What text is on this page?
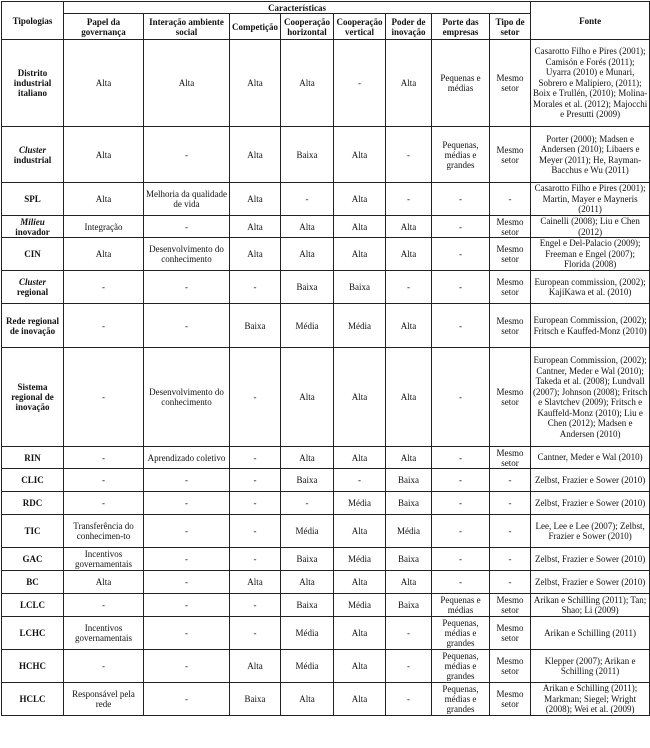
Tipologias	Características								Fonte
	Papel da governança	Interação ambiente social	Competição	Cooperação horizontal	Cooperação vertical	Poder de inovação	Porte das empresas	Tipo de setor	
Distrito industrial italiano	Alta	Alta	Alta	Alta	-	Alta	Pequenas e médias	Mesmo setor	Casarotto Filho e Pires (2001); Camisón e Forés (2011); Uyarra (2010) e Munari, Sobrero e Malipiero, (2011); Boix e Trullén, (2010); Molina-Morales et al. (2012); Majocchi e Presutti (2009)
Cluster
industrial	Alta	-	Alta	Baixa	Alta	-	Pequenas, médias e grandes	Mesmo setor	Porter (2000); Madsen e Andersen (2010); Libaers e Meyer (2011); He, Rayman-Bacchus e Wu (2011)
SPL	Alta	Melhoria da qualidade de vida	Alta	-	Alta	-	-	-	Casarotto Filho e Pires (2001); Martin, Mayer e Mayneris (2011)
Milieu
inovador	Integração	-	Alta	Alta	Alta	Alta	-	Mesmo setor	Cainelli (2008); Liu e Chen (2012)
CIN	Alta	Desenvolvimento do conhecimento	Alta	Alta	Alta	Alta	-	Mesmo setor	Engel e Del-Palacio (2009); Freeman e Engel (2007); Florida (2008)
Cluster
regional	-	-	-	Baixa	Baixa	-	-	Mesmo setor	European commission, (2002); KajiKawa et al. (2010)
Rede regional de inovação	-	-	Baixa	Média	Média	Alta	-	Mesmo setor	European Commission, (2002); Fritsch e Kauffed-Monz (2010)
Sistema regional de inovação	-	Desenvolvimento do conhecimento	-	Alta	Alta	Alta	-	Mesmo setor	European Commission, (2002); Cantner, Meder e Wal (2010); Takeda et al. (2008); Lundvall (2007); Johnson (2008); Fritsch e Slavtchev (2009); Fritsch e Kauffeld-Monz (2010); Liu e Chen (2012); Madsen e Andersen (2010)
RIN	-	Aprendizado coletivo	-	Alta	Alta	Alta	-	Mesmo setor	Cantner, Meder e Wal (2010)
CLIC	-	-	-	Baixa	-	Baixa	-	-	Zelbst, Frazier e Sower (2010)
RDC	-	-	-	-	Média	Baixa	-	-	Zelbst, Frazier e Sower (2010)
TIC	Transferência do conhecimen-to	-	-	Média	Alta	Média	-	-	Lee, Lee e Lee (2007); Zelbst, Frazier e Sower (2010)
GAC	Incentivos governamentais	-	-	Baixa	Média	Baixa	-	-	Zelbst, Frazier e Sower (2010)
BC	Alta	-	Alta	Alta	Alta	Alta	-	-	Zelbst, Frazier e Sower (2010)
LCLC	-	-	-	Baixa	Média	Baixa	Pequenas e médias	Mesmo setor	Arikan e Schilling (2011); Tan; Shao; Li (2009)
LCHC	Incentivos governamentais	-	-	Média	Alta	-	Pequenas, médias e grandes	Mesmo setor	Arikan e Schilling (2011)
HCHC	-	-	Alta	Média	Alta	-	Pequenas, médias e grandes	Mesmo setor	Klepper (2007); Arikan e Schilling (2011)
HCLC	Responsável pela rede	-	Baixa	Alta	Alta	-	Pequenas, médias e grandes	Mesmo setor	Arikan e Schilling (2011); Markman; Siegel; Wright (2008); Wei et al. (2009)
